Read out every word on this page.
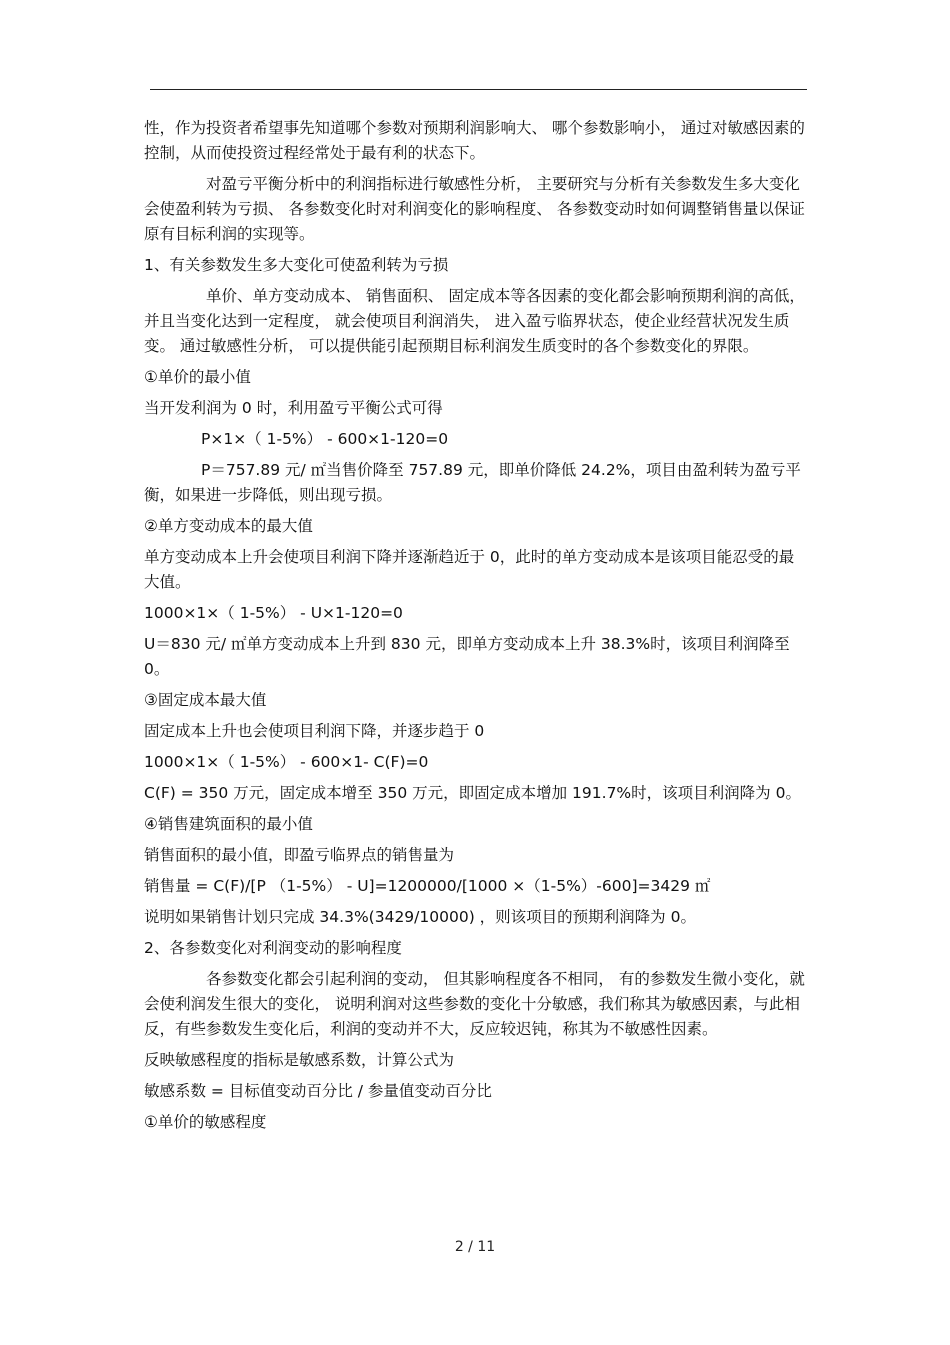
性，作为投资者希望事先知道哪个参数对预期利润影响大、 哪个参数影响小， 通过对敏感因素的控制，从而使投资过程经常处于最有利的状态下。

对盈亏平衡分析中的利润指标进行敏感性分析， 主要研究与分析有关参数发生多大变化会使盈利转为亏损、 各参数变化时对利润变化的影响程度、 各参数变动时如何调整销售量以保证原有目标利润的实现等。

1、有关参数发生多大变化可使盈利转为亏损

单价、单方变动成本、 销售面积、 固定成本等各因素的变化都会影响预期利润的高低， 并且当变化达到一定程度， 就会使项目利润消失， 进入盈亏临界状态，使企业经营状况发生质变。 通过敏感性分析， 可以提供能引起预期目标利润发生质变时的各个参数变化的界限。

①单价的最小值

当开发利润为 0 时，利用盈亏平衡公式可得

P×1×（ 1-5%） - 600×1-120=0

P＝757.89 元/ ㎡当售价降至 757.89 元，即单价降低 24.2%，项目由盈利转为盈亏平衡，如果进一步降低，则出现亏损。

②单方变动成本的最大值

单方变动成本上升会使项目利润下降并逐渐趋近于 0，此时的单方变动成本是该项目能忍受的最大值。

1000×1×（ 1-5%） - U×1-120=0

U＝830 元/ ㎡单方变动成本上升到 830 元，即单方变动成本上升 38.3%时，该项目利润降至 0。

③固定成本最大值

固定成本上升也会使项目利润下降，并逐步趋于 0

1000×1×（ 1-5%） - 600×1- C(F)=0

C(F) = 350 万元，固定成本增至 350 万元，即固定成本增加 191.7%时，该项目利润降为 0。

④销售建筑面积的最小值

销售面积的最小值，即盈亏临界点的销售量为

销售量 = C(F)/[P （1-5%） - U]=1200000/[1000 ×（1-5%）-600]=3429 ㎡

说明如果销售计划只完成 34.3%(3429/10000) ，则该项目的预期利润降为 0。

2、各参数变化对利润变动的影响程度

各参数变化都会引起利润的变动， 但其影响程度各不相同， 有的参数发生微小变化，就会使利润发生很大的变化， 说明利润对这些参数的变化十分敏感，我们称其为敏感因素，与此相反，有些参数发生变化后，利润的变动并不大，反应较迟钝，称其为不敏感性因素。

反映敏感程度的指标是敏感系数，计算公式为

敏感系数 = 目标值变动百分比 / 参量值变动百分比

①单价的敏感程度

2 / 11
